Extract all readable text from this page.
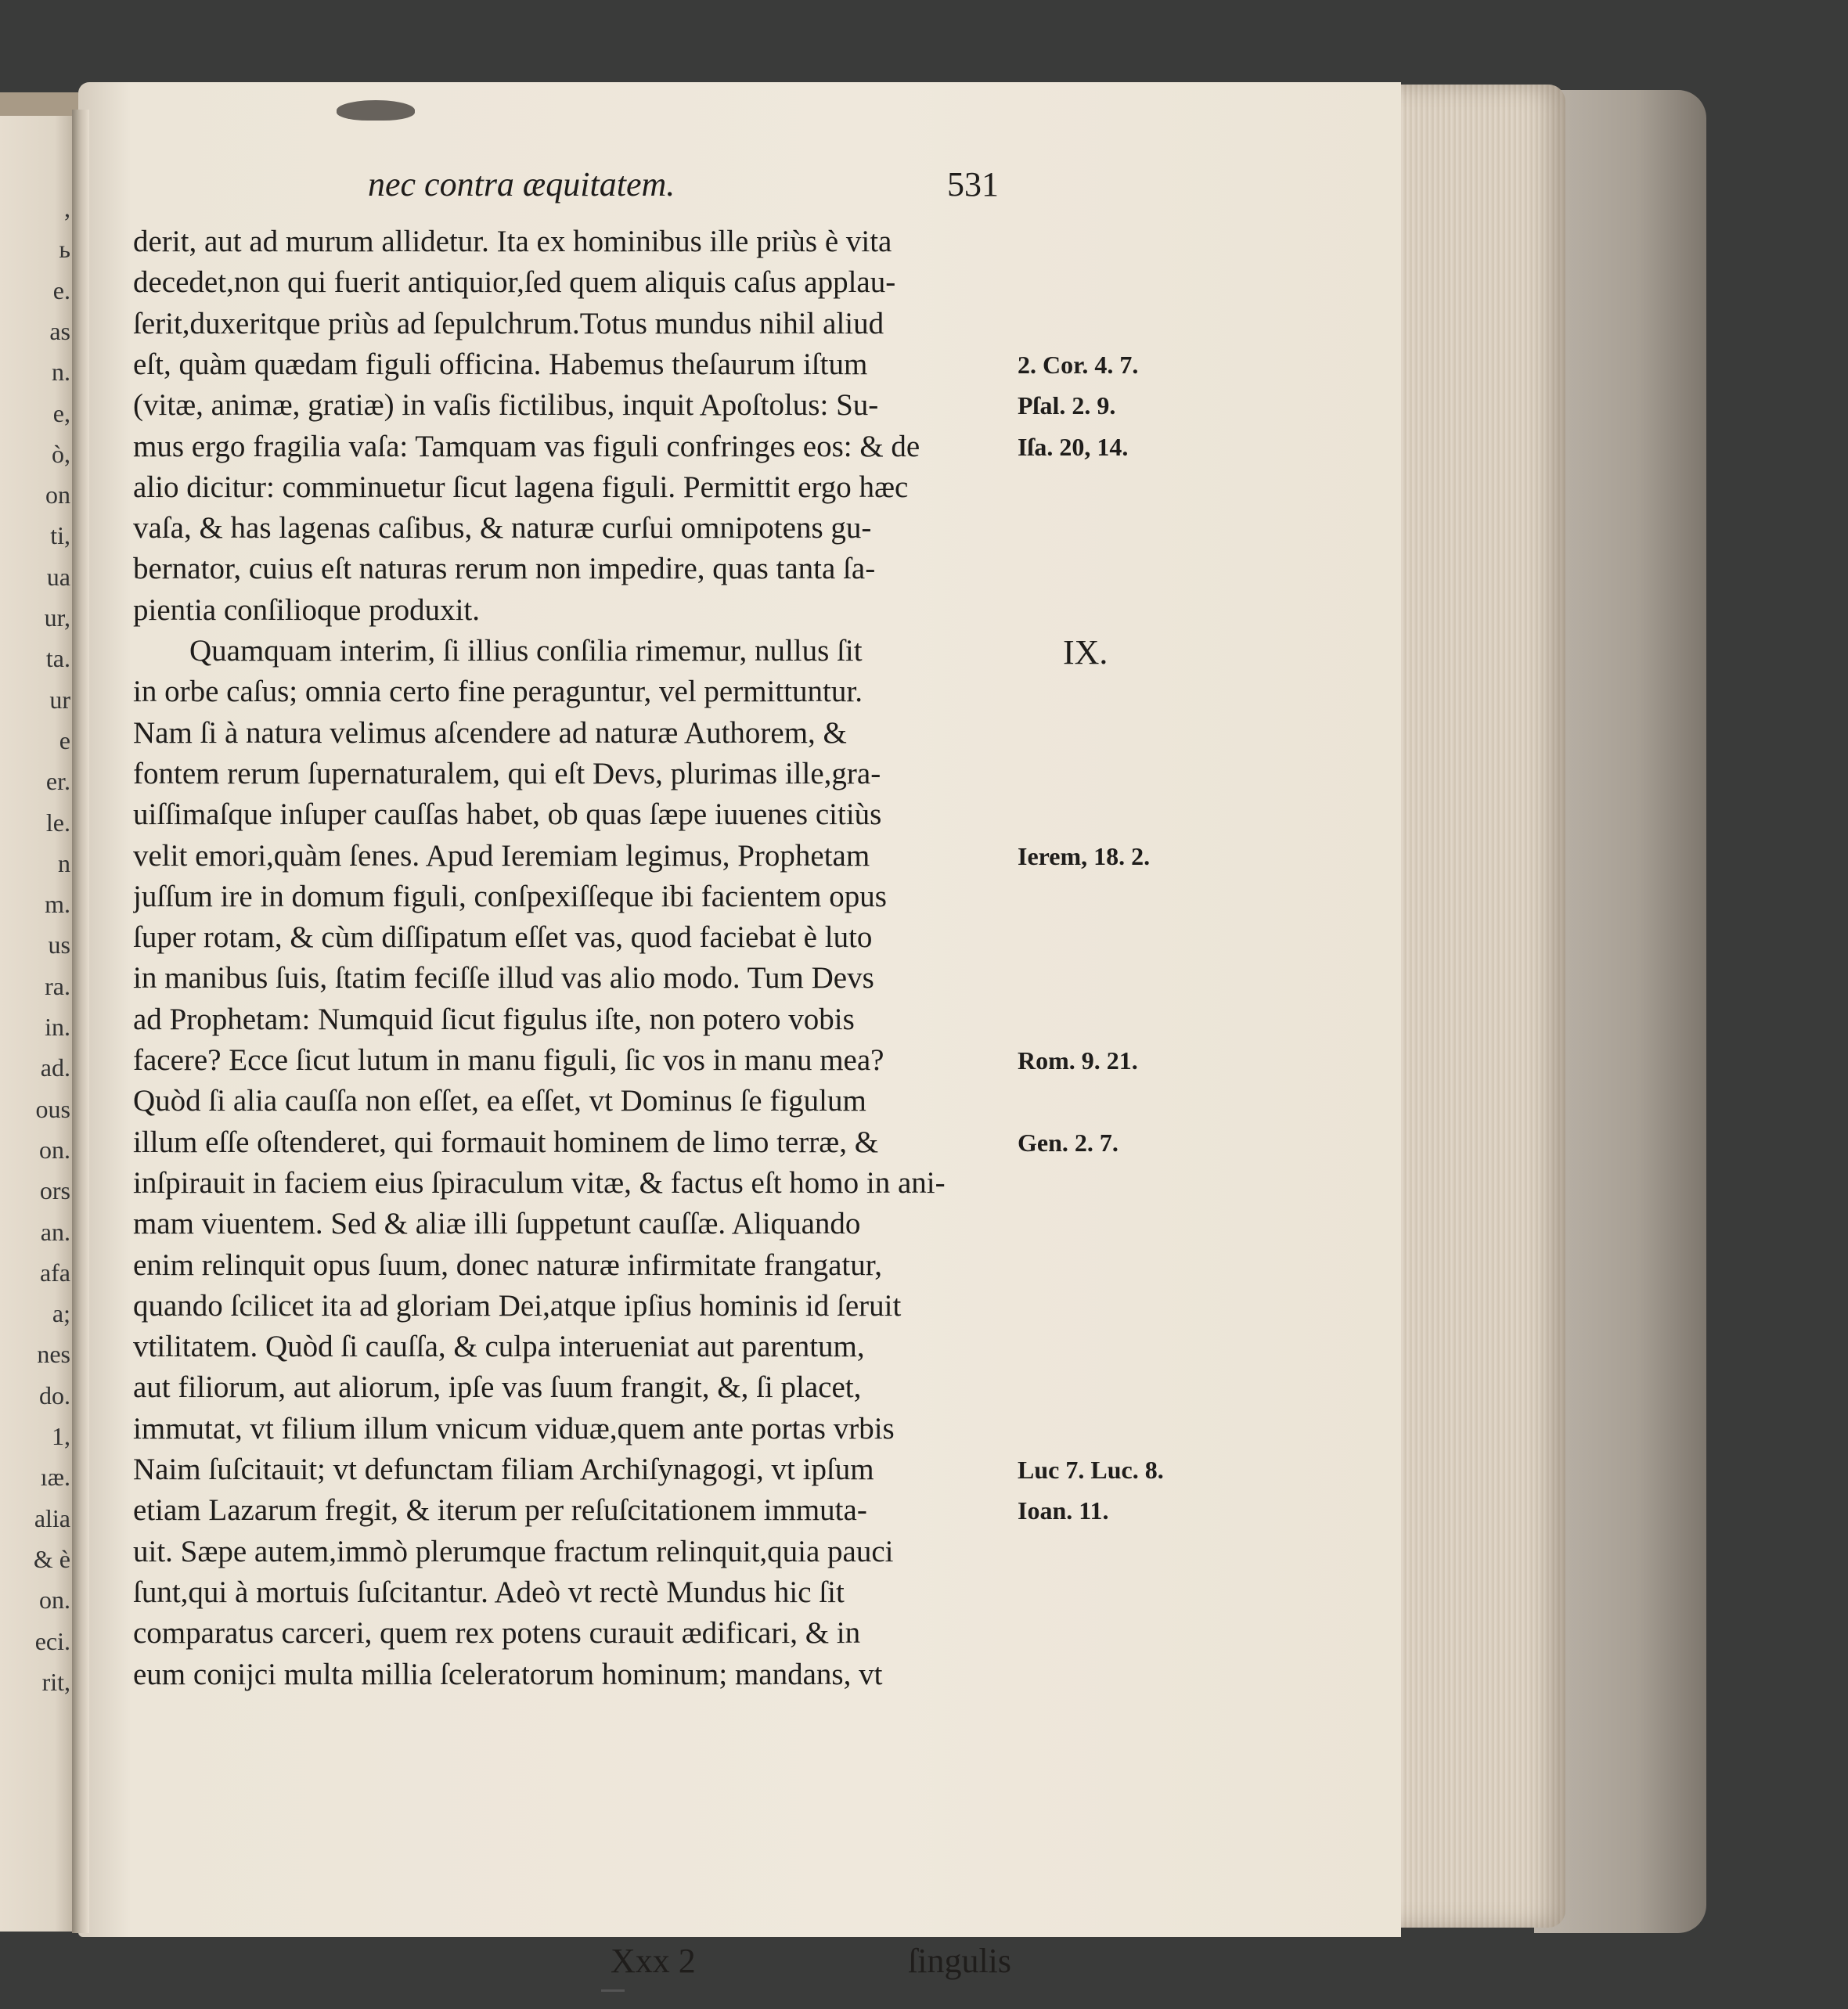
,
ь
e.
as
n.
e,
ò,
on
ti,
ua
ur,
ta.
ur
e
er.
le.
n
m.
us
ra.
in.
ad.
ous
on.
ors
an.
afa
a;
nes
do.
1,
ıæ.
alia
& è
on.
eci.
rit,
nec contra æquitatem.	531
derit, aut ad murum allidetur. Ita ex hominibus ille priùs è vita
decedet,non qui fuerit antiquior,ſed quem aliquis caſus applau-
ſerit,duxeritque priùs ad ſepulchrum.Totus mundus nihil aliud
eſt, quàm quædam figuli officina. Habemus theſaurum iſtum
(vitæ, animæ, gratiæ) in vaſis fictilibus, inquit Apoſtolus: Su-
mus ergo fragilia vaſa: Tamquam vas figuli confringes eos: & de
alio dicitur: comminuetur ſicut lagena figuli. Permittit ergo hæc
vaſa, & has lagenas caſibus, & naturæ curſui omnipotens gu-
bernator, cuius eſt naturas rerum non impedire, quas tanta ſa-
pientia conſilioque produxit.
Quamquam interim, ſi illius conſilia rimemur, nullus ſit
in orbe caſus; omnia certo fine peraguntur, vel permittuntur.
Nam ſi à natura velimus aſcendere ad naturæ Authorem, &
fontem rerum ſupernaturalem, qui eſt Devs, plurimas ille,gra-
uiſſimaſque inſuper cauſſas habet, ob quas ſæpe iuuenes citiùs
velit emori,quàm ſenes. Apud Ieremiam legimus, Prophetam
juſſum ire in domum figuli, conſpexiſſeque ibi facientem opus
ſuper rotam, & cùm diſſipatum eſſet vas, quod faciebat è luto
in manibus ſuis, ſtatim feciſſe illud vas alio modo. Tum Devs
ad Prophetam: Numquid ſicut figulus iſte, non potero vobis
facere? Ecce ſicut lutum in manu figuli, ſic vos in manu mea?
Quòd ſi alia cauſſa non eſſet, ea eſſet, vt Dominus ſe figulum
illum eſſe oſtenderet, qui formauit hominem de limo terræ, &
inſpirauit in faciem eius ſpiraculum vitæ, & factus eſt homo in ani-
mam viuentem. Sed & aliæ illi ſuppetunt cauſſæ. Aliquando
enim relinquit opus ſuum, donec naturæ infirmitate frangatur,
quando ſcilicet ita ad gloriam Dei,atque ipſius hominis id ſeruit
vtilitatem. Quòd ſi cauſſa, & culpa interueniat aut parentum,
aut filiorum, aut aliorum, ipſe vas ſuum frangit, &, ſi placet,
immutat, vt filium illum vnicum viduæ,quem ante portas vrbis
Naim ſuſcitauit; vt defunctam filiam Archiſynagogi, vt ipſum
etiam Lazarum fregit, & iterum per reſuſcitationem immuta-
uit. Sæpe autem,immò plerumque fractum relinquit,quia pauci
ſunt,qui à mortuis ſuſcitantur. Adeò vt rectè Mundus hic ſit
comparatus carceri, quem rex potens curauit ædificari, & in
eum conijci multa millia ſceleratorum hominum; mandans, vt
2. Cor. 4. 7.
Pſal. 2. 9.
Iſa. 20, 14.
IX.
Ierem, 18. 2.
Rom. 9. 21.
Gen. 2. 7.
Luc 7. Luc. 8.
Ioan. 11.
Xxx 2	ſingulis
